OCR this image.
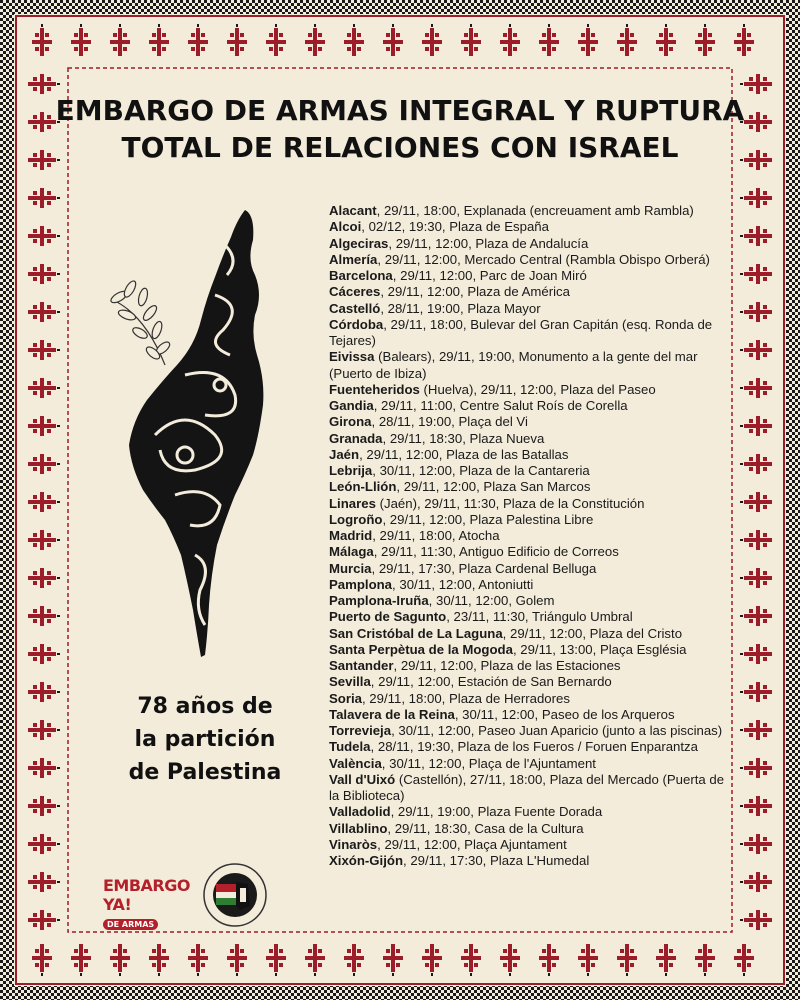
EMBARGO DE ARMAS INTEGRAL Y RUPTURA
TOTAL DE RELACIONES CON ISRAEL
78 años de
la partición
de Palestina
Alacant, 29/11, 18:00, Explanada (encreuament amb Rambla)
Alcoi, 02/12, 19:30, Plaza de España
Algeciras, 29/11, 12:00, Plaza de Andalucía
Almería, 29/11, 12:00, Mercado Central (Rambla Obispo Orberá)
Barcelona, 29/11, 12:00, Parc de Joan Miró
Cáceres, 29/11, 12:00, Plaza de América
Castelló, 28/11, 19:00, Plaza Mayor
Córdoba, 29/11, 18:00, Bulevar del Gran Capitán (esq. Ronda de Tejares)
Eivissa (Balears), 29/11, 19:00, Monumento a la gente del mar (Puerto de Ibiza)
Fuenteheridos (Huelva), 29/11, 12:00, Plaza del Paseo
Gandia, 29/11, 11:00, Centre Salut Roís de Corella
Girona, 28/11, 19:00, Plaça del Vi
Granada, 29/11, 18:30, Plaza Nueva
Jaén, 29/11, 12:00, Plaza de las Batallas
Lebrija, 30/11, 12:00, Plaza de la Cantareria
León-Llión, 29/11, 12:00, Plaza San Marcos
Linares (Jaén), 29/11, 11:30, Plaza de la Constitución
Logroño, 29/11, 12:00, Plaza Palestina Libre
Madrid, 29/11, 18:00, Atocha
Málaga, 29/11, 11:30, Antiguo Edificio de Correos
Murcia, 29/11, 17:30, Plaza Cardenal Belluga
Pamplona, 30/11, 12:00, Antoniutti
Pamplona-Iruña, 30/11, 12:00, Golem
Puerto de Sagunto, 23/11, 11:30, Triángulo Umbral
San Cristóbal de La Laguna, 29/11, 12:00, Plaza del Cristo
Santa Perpètua de la Mogoda, 29/11, 13:00, Plaça Església
Santander, 29/11, 12:00, Plaza de las Estaciones
Sevilla, 29/11, 12:00, Estación de San Bernardo
Soria, 29/11, 18:00, Plaza de Herradores
Talavera de la Reina, 30/11, 12:00, Paseo de los Arqueros
Torrevieja, 30/11, 12:00, Paseo Juan Aparicio (junto a las piscinas)
Tudela, 28/11, 19:30, Plaza de los Fueros / Foruen Enparantza
València, 30/11, 12:00, Plaça de l'Ajuntament
Vall d'Uixó (Castellón), 27/11, 18:00, Plaza del Mercado (Puerta de la Biblioteca)
Valladolid, 29/11, 19:00, Plaza Fuente Dorada
Villablino, 29/11, 18:30, Casa de la Cultura
Vinaròs, 29/11, 12:00, Plaça Ajuntament
Xixón-Gijón, 29/11, 17:30, Plaza L'Humedal
EMBARGO YA!
DE ARMAS
